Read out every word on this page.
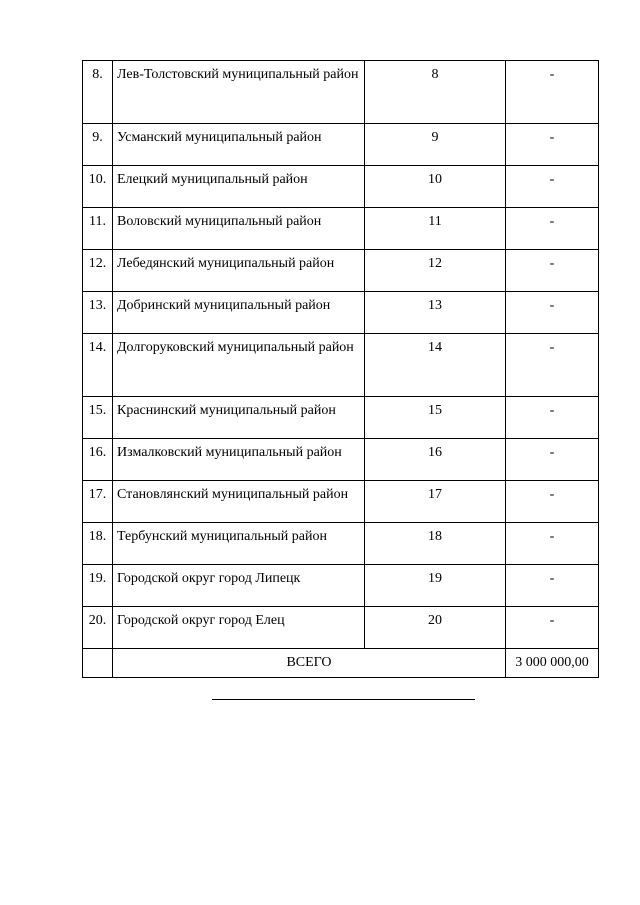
8.	Лев-Толстовский муниципальный район	8	-
9.	Усманский муниципальный район	9	-
10.	Елецкий муниципальный район	10	-
11.	Воловский муниципальный район	11	-
12.	Лебедянский муниципальный район	12	-
13.	Добринский муниципальный район	13	-
14.	Долгоруковский муниципальный район	14	-
15.	Краснинский муниципальный район	15	-
16.	Измалковский муниципальный район	16	-
17.	Становлянский муниципальный район	17	-
18.	Тербунский муниципальный район	18	-
19.	Городской округ город Липецк	19	-
20.	Городской округ город Елец	20	-
	ВСЕГО		3 000 000,00
